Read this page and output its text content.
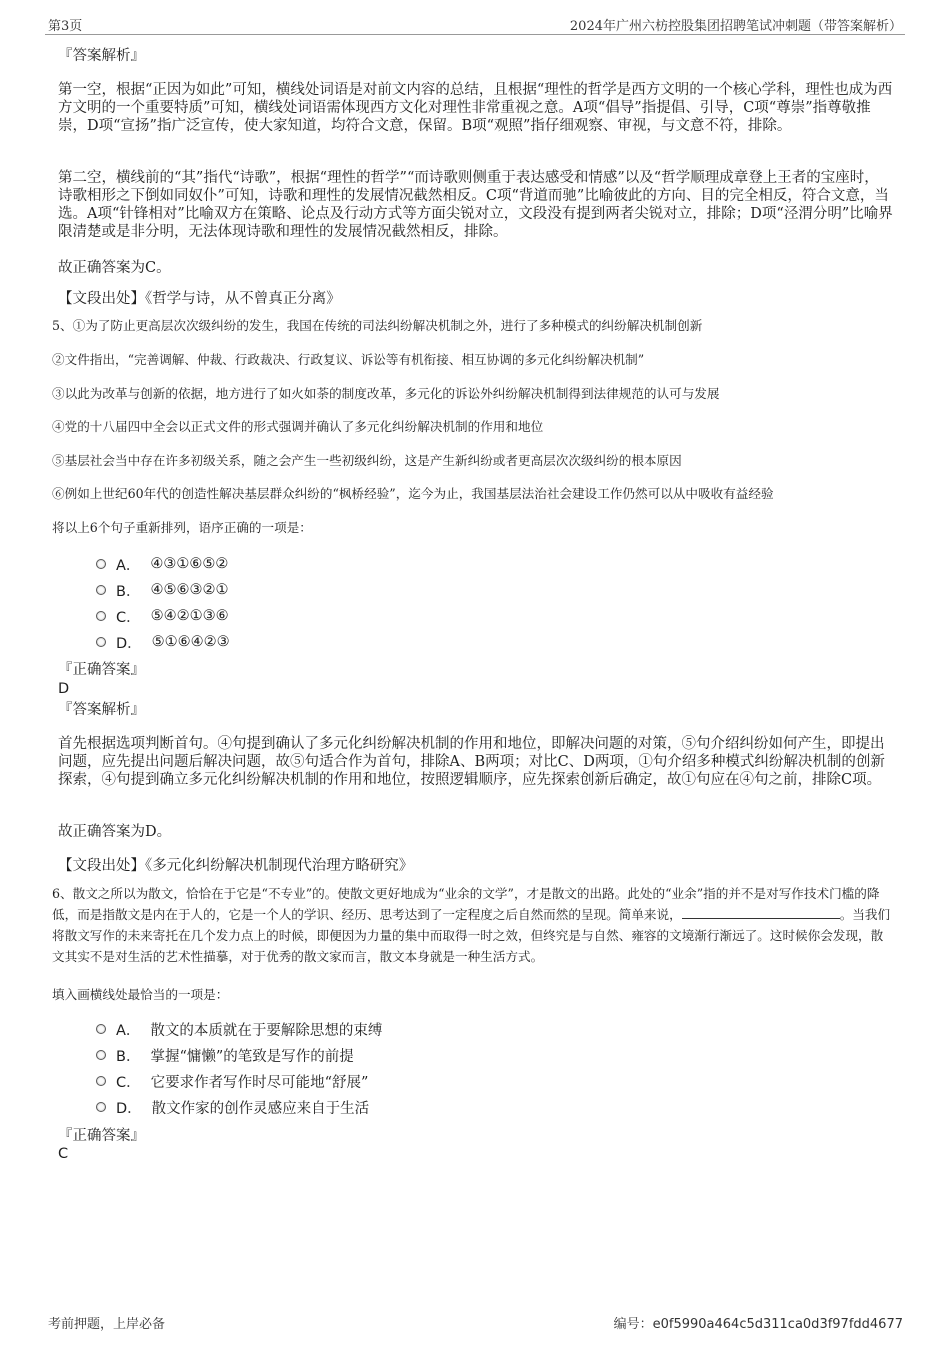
第3页	2024年广州六枋控股集团招聘笔试冲刺题（带答案解析）
『答案解析』
第一空，根据“正因为如此”可知，横线处词语是对前文内容的总结，且根据“理性的哲学是西方文明的一个核心学科，理性也成为西方文明的一个重要特质”可知，横线处词语需体现西方文化对理性非常重视之意。A项“倡导”指提倡、引导，C项“尊崇”指尊敬推崇，D项“宣扬”指广泛宣传，使大家知道，均符合文意，保留。B项“观照”指仔细观察、审视，与文意不符，排除。
第二空，横线前的“其”指代“诗歌”，根据“理性的哲学”“而诗歌则侧重于表达感受和情感”以及“哲学顺理成章登上王者的宝座时，诗歌相形之下倒如同奴仆”可知，诗歌和理性的发展情况截然相反。C项“背道而驰”比喻彼此的方向、目的完全相反，符合文意，当选。A项“针锋相对”比喻双方在策略、论点及行动方式等方面尖锐对立，文段没有提到两者尖锐对立，排除；D项“泾渭分明”比喻界限清楚或是非分明，无法体现诗歌和理性的发展情况截然相反，排除。
故正确答案为C。
【文段出处】《哲学与诗，从不曾真正分离》
5、①为了防止更高层次次级纠纷的发生，我国在传统的司法纠纷解决机制之外，进行了多种模式的纠纷解决机制创新
②文件指出，“完善调解、仲裁、行政裁决、行政复议、诉讼等有机衔接、相互协调的多元化纠纷解决机制”
③以此为改革与创新的依据，地方进行了如火如荼的制度改革，多元化的诉讼外纠纷解决机制得到法律规范的认可与发展
④党的十八届四中全会以正式文件的形式强调并确认了多元化纠纷解决机制的作用和地位
⑤基层社会当中存在许多初级关系，随之会产生一些初级纠纷，这是产生新纠纷或者更高层次次级纠纷的根本原因
⑥例如上世纪60年代的创造性解决基层群众纠纷的“枫桥经验”，迄今为止，我国基层法治社会建设工作仍然可以从中吸收有益经验
将以上6个句子重新排列，语序正确的一项是：
A． ④③①⑥⑤②
B． ④⑤⑥③②①
C． ⑤④②①③⑥
D． ⑤①⑥④②③
『正确答案』
D
『答案解析』
首先根据选项判断首句。④句提到确认了多元化纠纷解决机制的作用和地位，即解决问题的对策，⑤句介绍纠纷如何产生，即提出问题，应先提出问题后解决问题，故⑤句适合作为首句，排除A、B两项；对比C、D两项，①句介绍多种模式纠纷解决机制的创新探索，④句提到确立多元化纠纷解决机制的作用和地位，按照逻辑顺序，应先探索创新后确定，故①句应在④句之前，排除C项。
故正确答案为D。
【文段出处】《多元化纠纷解决机制现代治理方略研究》
6、散文之所以为散文，恰恰在于它是“不专业”的。使散文更好地成为“业余的文学”，才是散文的出路。此处的“业余”指的并不是对写作技术门槛的降低，而是指散文是内在于人的，它是一个人的学识、经历、思考达到了一定程度之后自然而然的呈现。简单来说，	。当我们将散文写作的未来寄托在几个发力点上的时候，即便因为力量的集中而取得一时之效，但终究是与自然、雍容的文境渐行渐远了。这时候你会发现，散文其实不是对生活的艺术性描摹，对于优秀的散文家而言，散文本身就是一种生活方式。
填入画横线处最恰当的一项是：
A． 散文的本质就在于要解除思想的束缚
B． 掌握“慵懒”的笔致是写作的前提
C． 它要求作者写作时尽可能地“舒展”
D． 散文作家的创作灵感应来自于生活
『正确答案』
C
考前押题，上岸必备	编号：e0f5990a464c5d311ca0d3f97fdd4677
